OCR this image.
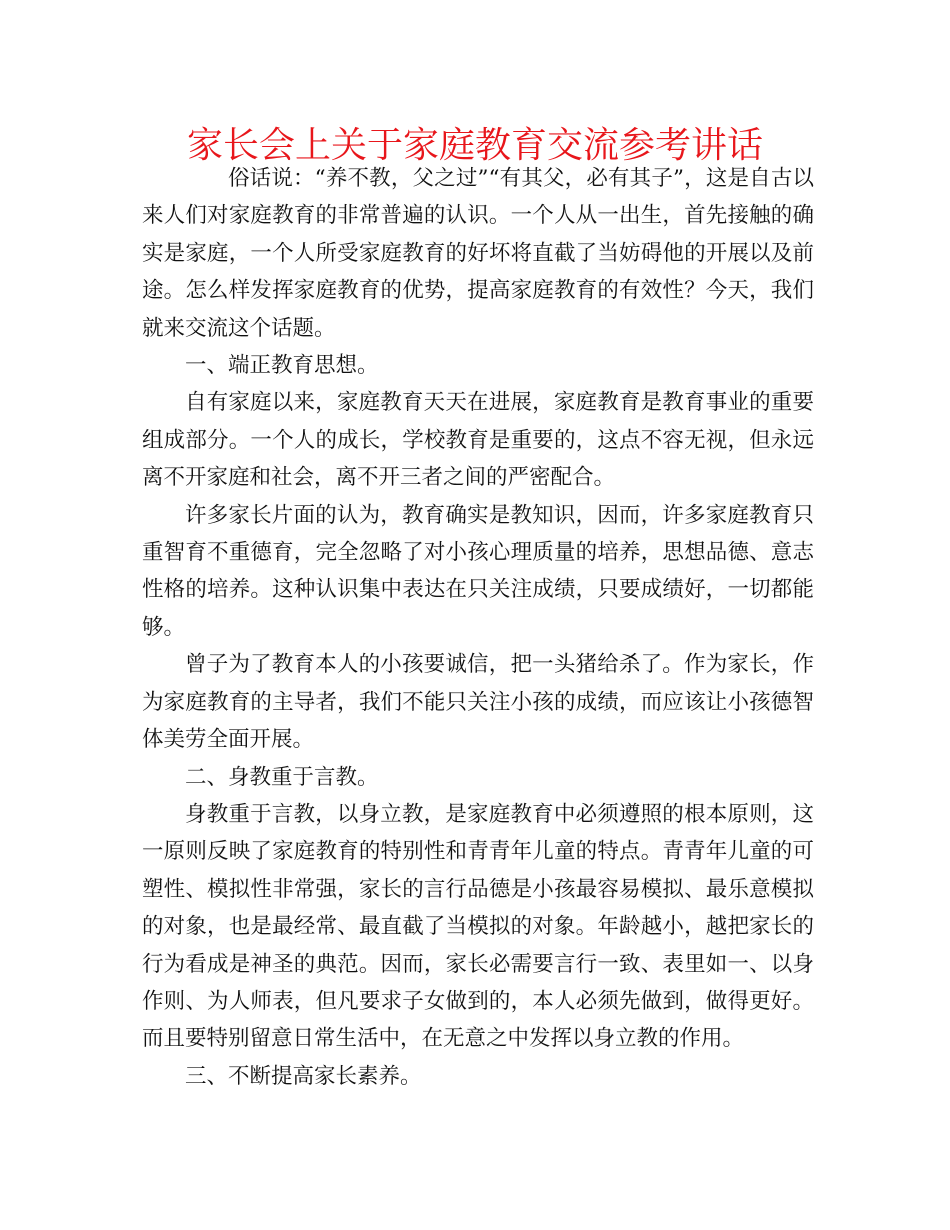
家长会上关于家庭教育交流参考讲话

俗话说：“养不教，父之过”“有其父，必有其子”，这是自古以来人们对家庭教育的非常普遍的认识。一个人从一出生，首先接触的确实是家庭，一个人所受家庭教育的好坏将直截了当妨碍他的开展以及前途。怎么样发挥家庭教育的优势，提高家庭教育的有效性？今天，我们就来交流这个话题。

一、端正教育思想。

自有家庭以来，家庭教育天天在进展，家庭教育是教育事业的重要组成部分。一个人的成长，学校教育是重要的，这点不容无视，但永远离不开家庭和社会，离不开三者之间的严密配合。

许多家长片面的认为，教育确实是教知识，因而，许多家庭教育只重智育不重德育，完全忽略了对小孩心理质量的培养，思想品德、意志性格的培养。这种认识集中表达在只关注成绩，只要成绩好，一切都能够。

曾子为了教育本人的小孩要诚信，把一头猪给杀了。作为家长，作为家庭教育的主导者，我们不能只关注小孩的成绩，而应该让小孩德智体美劳全面开展。

二、身教重于言教。

身教重于言教，以身立教，是家庭教育中必须遵照的根本原则，这一原则反映了家庭教育的特别性和青青年儿童的特点。青青年儿童的可塑性、模拟性非常强，家长的言行品德是小孩最容易模拟、最乐意模拟的对象，也是最经常、最直截了当模拟的对象。年龄越小，越把家长的行为看成是神圣的典范。因而，家长必需要言行一致、表里如一、以身作则、为人师表，但凡要求子女做到的，本人必须先做到，做得更好。而且要特别留意日常生活中，在无意之中发挥以身立教的作用。

三、不断提高家长素养。
